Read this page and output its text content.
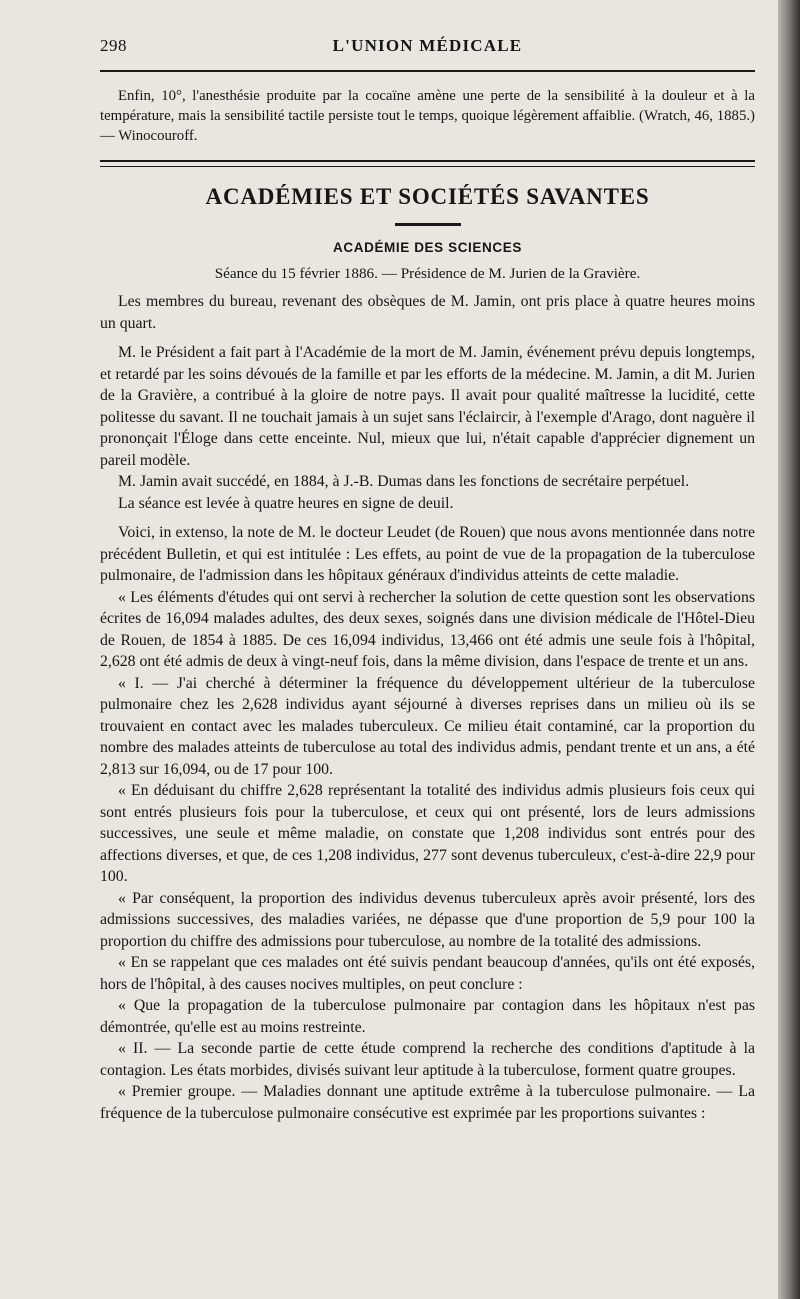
298	L'UNION MÉDICALE

Enfin, 10°, l'anesthésie produite par la cocaïne amène une perte de la sensibilité à la douleur et à la température, mais la sensibilité tactile persiste tout le temps, quoique légèrement affaiblie. (Wratch, 46, 1885.) — Winocouroff.

ACADÉMIES ET SOCIÉTÉS SAVANTES
ACADÉMIE DES SCIENCES
Séance du 15 février 1886. — Présidence de M. Jurien de la Gravière.

Les membres du bureau, revenant des obsèques de M. Jamin, ont pris place à quatre heures moins un quart.

M. le Président a fait part à l'Académie de la mort de M. Jamin, événement prévu depuis longtemps, et retardé par les soins dévoués de la famille et par les efforts de la médecine. M. Jamin, a dit M. Jurien de la Gravière, a contribué à la gloire de notre pays. Il avait pour qualité maîtresse la lucidité, cette politesse du savant. Il ne touchait jamais à un sujet sans l'éclaircir, à l'exemple d'Arago, dont naguère il prononçait l'Éloge dans cette enceinte. Nul, mieux que lui, n'était capable d'apprécier dignement un pareil modèle.

M. Jamin avait succédé, en 1884, à J.-B. Dumas dans les fonctions de secrétaire perpétuel.

La séance est levée à quatre heures en signe de deuil.

Voici, in extenso, la note de M. le docteur Leudet (de Rouen) que nous avons mentionnée dans notre précédent Bulletin, et qui est intitulée : Les effets, au point de vue de la propagation de la tuberculose pulmonaire, de l'admission dans les hôpitaux généraux d'individus atteints de cette maladie.

« Les éléments d'études qui ont servi à rechercher la solution de cette question sont les observations écrites de 16,094 malades adultes, des deux sexes, soignés dans une division médicale de l'Hôtel-Dieu de Rouen, de 1854 à 1885. De ces 16,094 individus, 13,466 ont été admis une seule fois à l'hôpital, 2,628 ont été admis de deux à vingt-neuf fois, dans la même division, dans l'espace de trente et un ans.

« I. — J'ai cherché à déterminer la fréquence du développement ultérieur de la tuberculose pulmonaire chez les 2,628 individus ayant séjourné à diverses reprises dans un milieu où ils se trouvaient en contact avec les malades tuberculeux. Ce milieu était contaminé, car la proportion du nombre des malades atteints de tuberculose au total des individus admis, pendant trente et un ans, a été 2,813 sur 16,094, ou de 17 pour 100.

« En déduisant du chiffre 2,628 représentant la totalité des individus admis plusieurs fois ceux qui sont entrés plusieurs fois pour la tuberculose, et ceux qui ont présenté, lors de leurs admissions successives, une seule et même maladie, on constate que 1,208 individus sont entrés pour des affections diverses, et que, de ces 1,208 individus, 277 sont devenus tuberculeux, c'est-à-dire 22,9 pour 100.

« Par conséquent, la proportion des individus devenus tuberculeux après avoir présenté, lors des admissions successives, des maladies variées, ne dépasse que d'une proportion de 5,9 pour 100 la proportion du chiffre des admissions pour tuberculose, au nombre de la totalité des admissions.

« En se rappelant que ces malades ont été suivis pendant beaucoup d'années, qu'ils ont été exposés, hors de l'hôpital, à des causes nocives multiples, on peut conclure :

« Que la propagation de la tuberculose pulmonaire par contagion dans les hôpitaux n'est pas démontrée, qu'elle est au moins restreinte.

« II. — La seconde partie de cette étude comprend la recherche des conditions d'aptitude à la contagion. Les états morbides, divisés suivant leur aptitude à la tuberculose, forment quatre groupes.

« Premier groupe. — Maladies donnant une aptitude extrême à la tuberculose pulmonaire. — La fréquence de la tuberculose pulmonaire consécutive est exprimée par les proportions suivantes :
